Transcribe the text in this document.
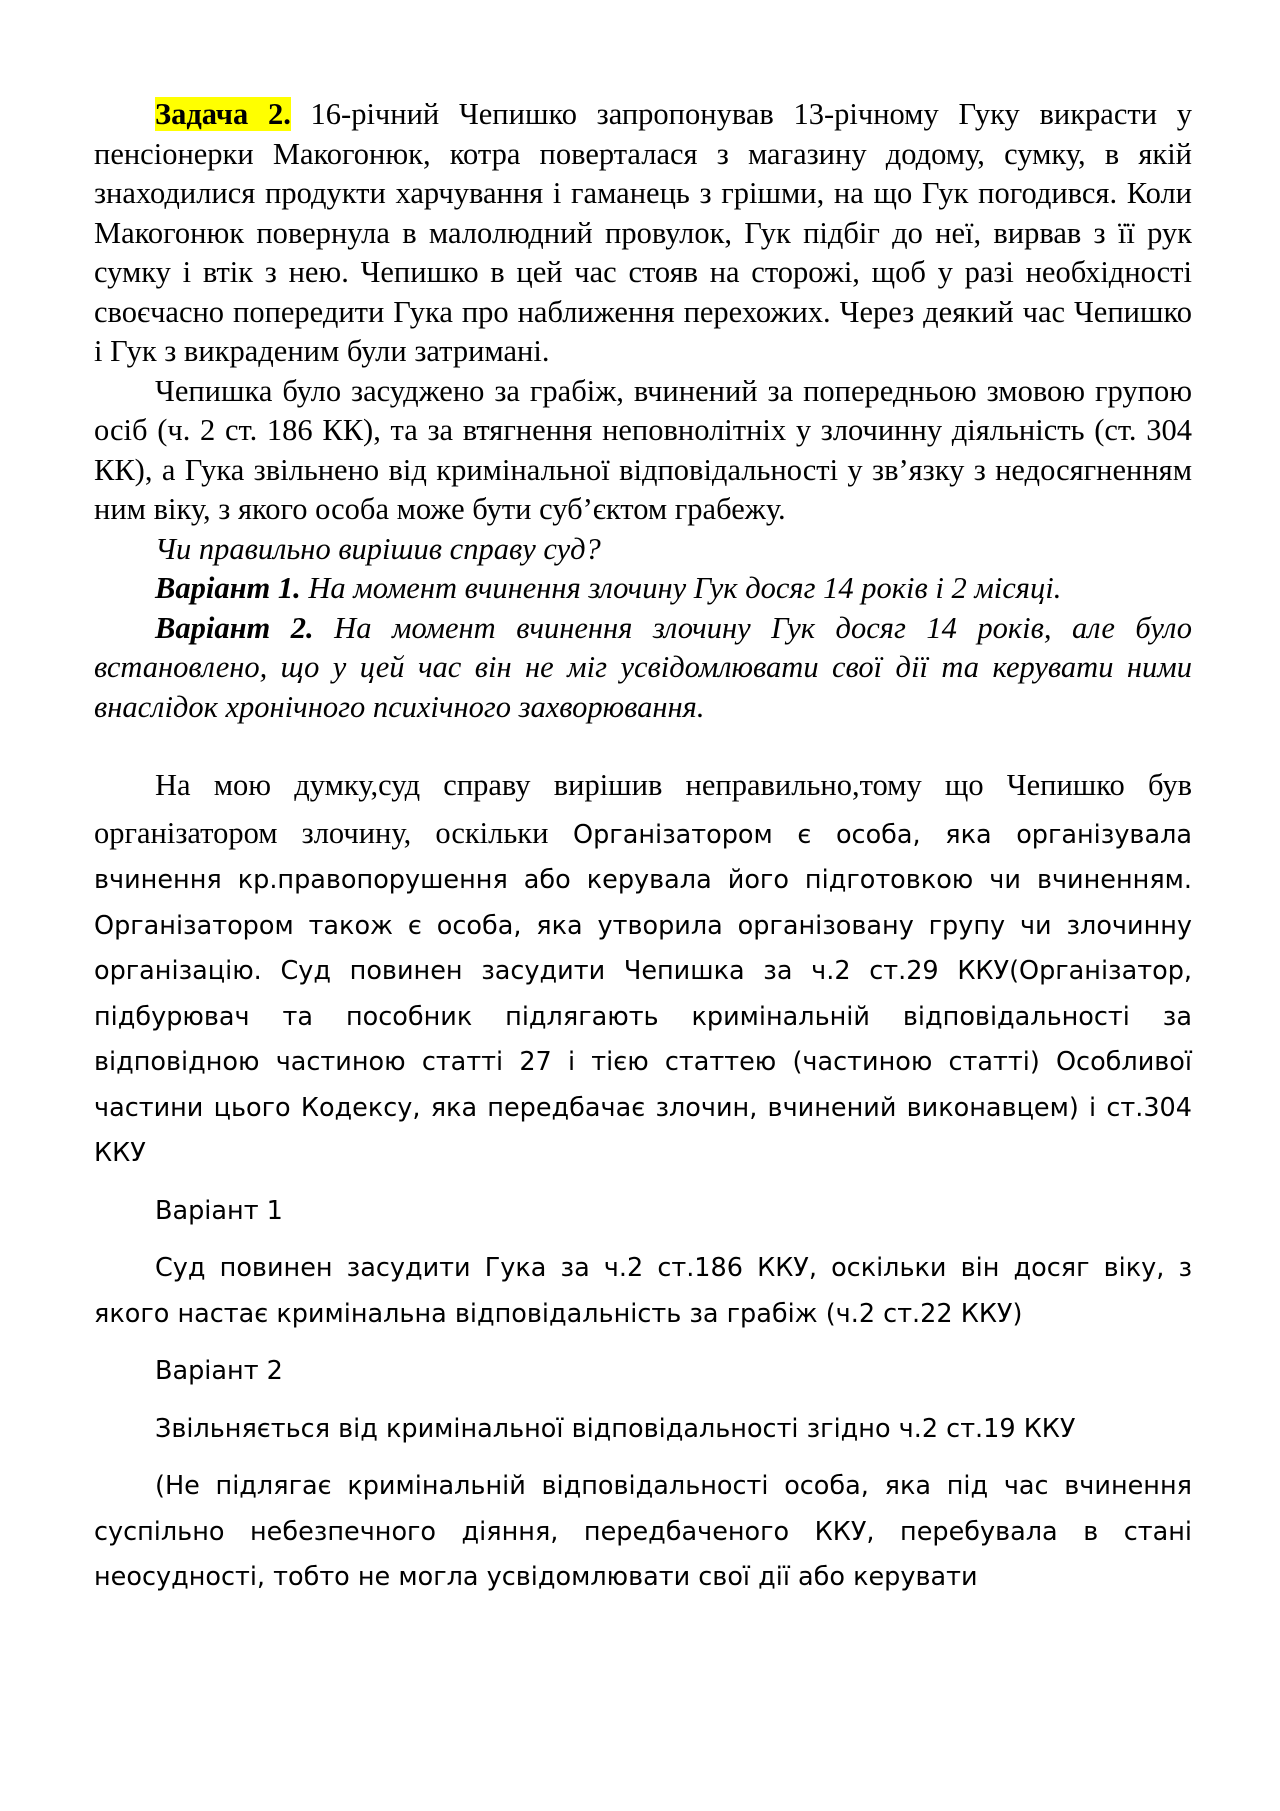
Задача 2. 16-річний Чепишко запропонував 13-річному Гуку викрасти у пенсіонерки Макогонюк, котра поверталася з магазину додому, сумку, в якій знаходилися продукти харчування і гаманець з грішми, на що Гук погодився. Коли Макогонюк повернула в малолюдний провулок, Гук підбіг до неї, вирвав з її рук сумку і втік з нею. Чепишко в цей час стояв на сторожі, щоб у разі необхідності своєчасно попередити Гука про наближення перехожих. Через деякий час Чепишко і Гук з викраденим були затримані.

Чепишка було засуджено за грабіж, вчинений за попередньою змовою групою осіб (ч. 2 ст. 186 КК), та за втягнення неповнолітніх у злочинну діяльність (ст. 304 КК), а Гука звільнено від кримінальної відповідальності у зв’язку з недосягненням ним віку, з якого особа може бути суб’єктом грабежу.

Чи правильно вирішив справу суд?

Варіант 1. На момент вчинення злочину Гук досяг 14 років і 2 місяці.

Варіант 2. На момент вчинення злочину Гук досяг 14 років, але було встановлено, що у цей час він не міг усвідомлювати свої дії та керувати ними внаслідок хронічного психічного захворювання.

На мою думку,суд справу вирішив неправильно,тому що Чепишко був організатором злочину, оскільки Організатором є особа, яка організувала вчинення кр.правопорушення або керувала його підготовкою чи вчиненням. Організатором також є особа, яка утворила організовану групу чи злочинну організацію. Суд повинен засудити Чепишка за ч.2 ст.29 ККУ(Організатор, підбурювач та пособник підлягають кримінальній відповідальності за відповідною частиною статті 27 і тією статтею (частиною статті) Особливої частини цього Кодексу, яка передбачає злочин, вчинений виконавцем) і ст.304 ККУ

Варіант 1

Суд повинен засудити Гука за ч.2 ст.186 ККУ, оскільки він досяг віку, з якого настає кримінальна відповідальність за грабіж (ч.2 ст.22 ККУ)

Варіант 2

Звільняється від кримінальної відповідальності згідно ч.2 ст.19 ККУ

(Не підлягає кримінальній відповідальності особа, яка під час вчинення суспільно небезпечного діяння, передбаченого ККУ, перебувала в стані неосудності, тобто не могла усвідомлювати свої дії або керувати
